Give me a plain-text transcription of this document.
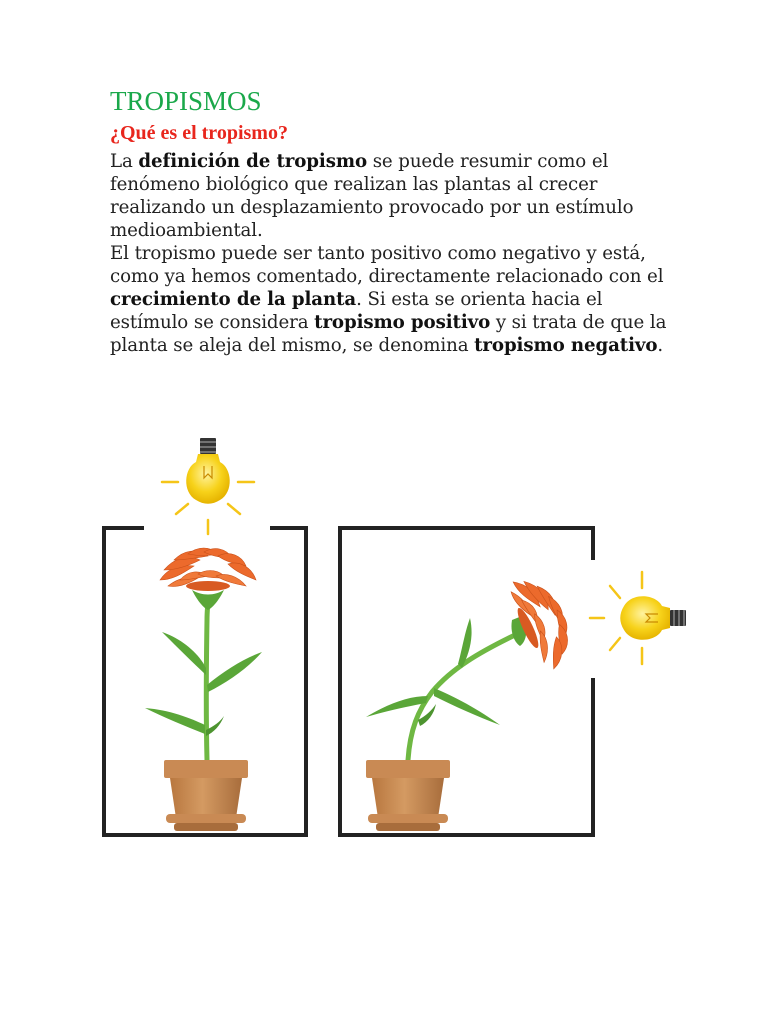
TROPISMOS
¿Qué es el tropismo?

La definición de tropismo se puede resumir como el fenómeno biológico que realizan las plantas al crecer realizando un desplazamiento provocado por un estímulo medioambiental.

El tropismo puede ser tanto positivo como negativo y está, como ya hemos comentado, directamente relacionado con el crecimiento de la planta. Si esta se orienta hacia el estímulo se considera tropismo positivo y si trata de que la planta se aleja del mismo, se denomina tropismo negativo.
